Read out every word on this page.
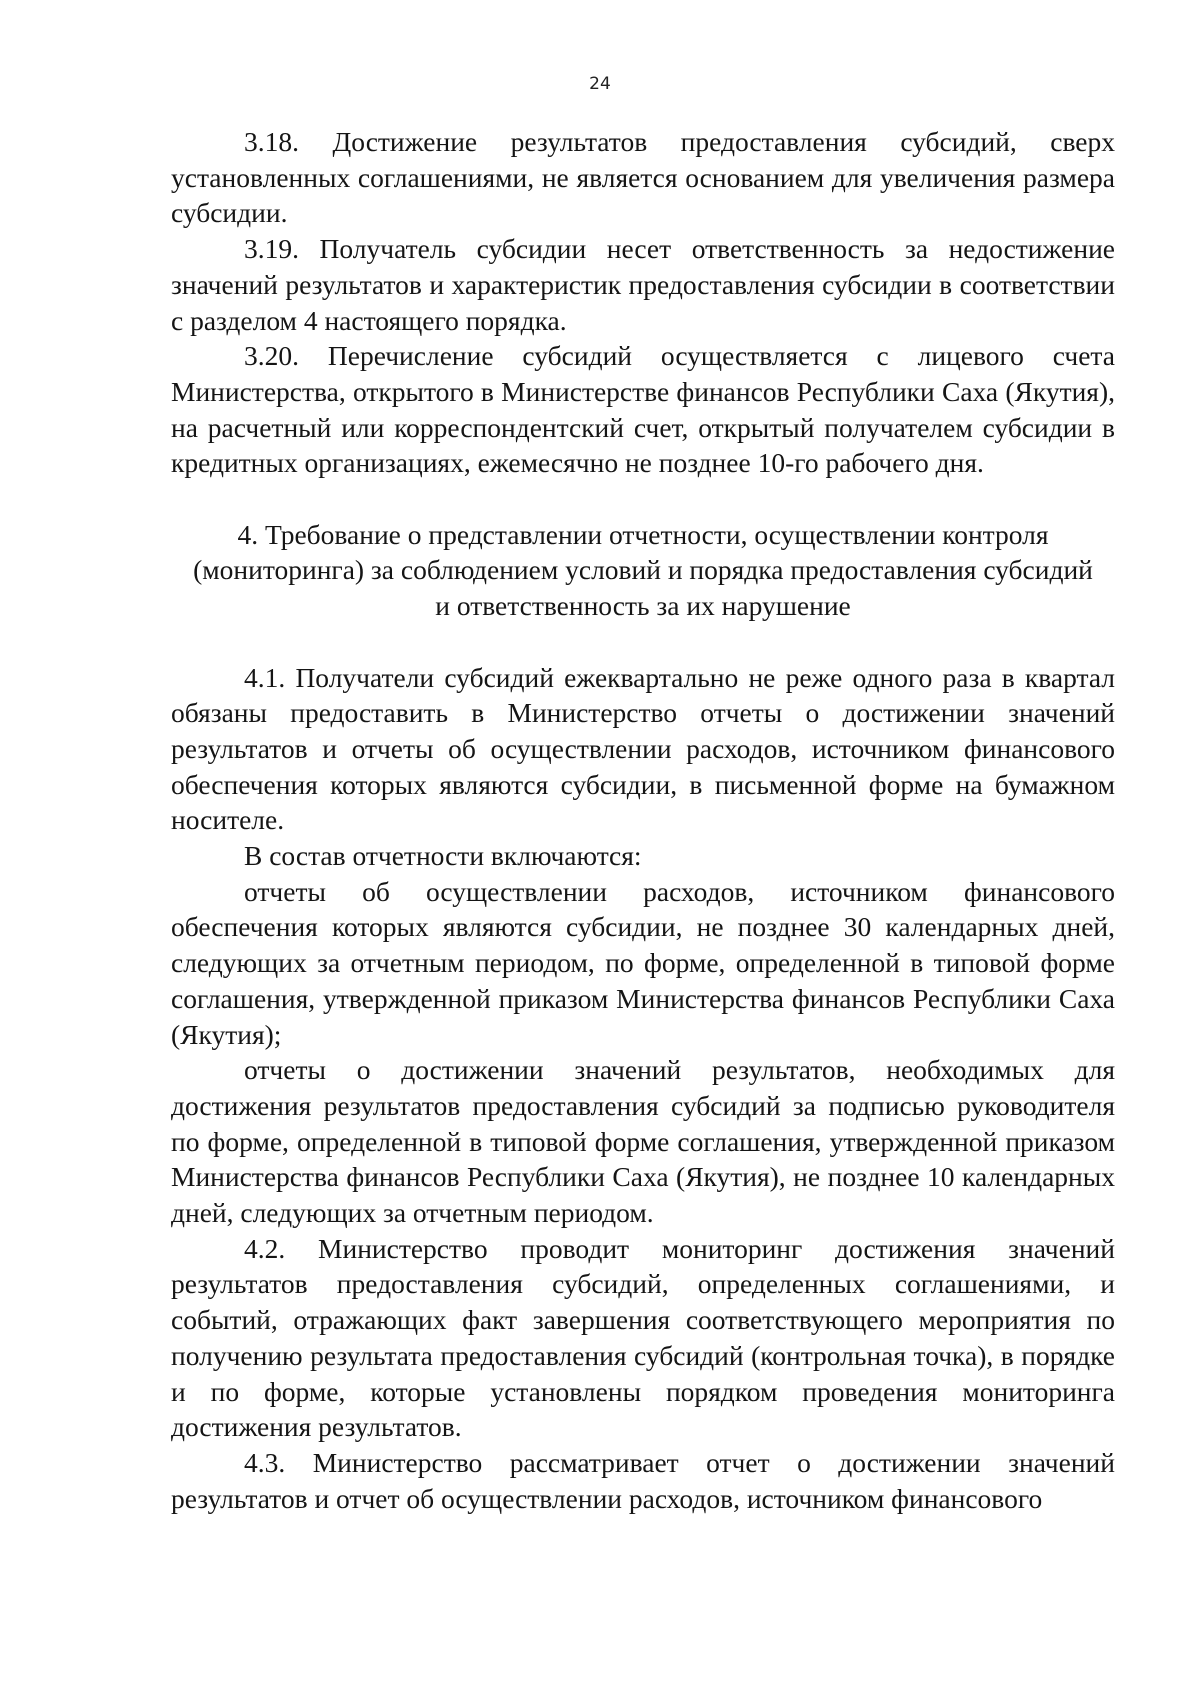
24

3.18. Достижение результатов предоставления субсидий, сверх установленных соглашениями, не является основанием для увеличения размера субсидии.

3.19. Получатель субсидии несет ответственность за недостижение значений результатов и характеристик предоставления субсидии в соответствии с разделом 4 настоящего порядка.

3.20. Перечисление субсидий осуществляется с лицевого счета Министерства, открытого в Министерстве финансов Республики Саха (Якутия), на расчетный или корреспондентский счет, открытый получателем субсидии в кредитных организациях, ежемесячно не позднее 10-го рабочего дня.

4. Требование о представлении отчетности, осуществлении контроля
(мониторинга) за соблюдением условий и порядка предоставления субсидий
и ответственность за их нарушение

4.1. Получатели субсидий ежеквартально не реже одного раза в квартал обязаны предоставить в Министерство отчеты о достижении значений результатов и отчеты об осуществлении расходов, источником финансового обеспечения которых являются субсидии, в письменной форме на бумажном носителе.

В состав отчетности включаются:

отчеты об осуществлении расходов, источником финансового обеспечения которых являются субсидии, не позднее 30 календарных дней, следующих за отчетным периодом, по форме, определенной в типовой форме соглашения, утвержденной приказом Министерства финансов Республики Саха (Якутия);

отчеты о достижении значений результатов, необходимых для достижения результатов предоставления субсидий за подписью руководителя по форме, определенной в типовой форме соглашения, утвержденной приказом Министерства финансов Республики Саха (Якутия), не позднее 10 календарных дней, следующих за отчетным периодом.

4.2. Министерство проводит мониторинг достижения значений результатов предоставления субсидий, определенных соглашениями, и событий, отражающих факт завершения соответствующего мероприятия по получению результата предоставления субсидий (контрольная точка), в порядке и по форме, которые установлены порядком проведения мониторинга достижения результатов.

4.3. Министерство рассматривает отчет о достижении значений результатов и отчет об осуществлении расходов, источником финансового
